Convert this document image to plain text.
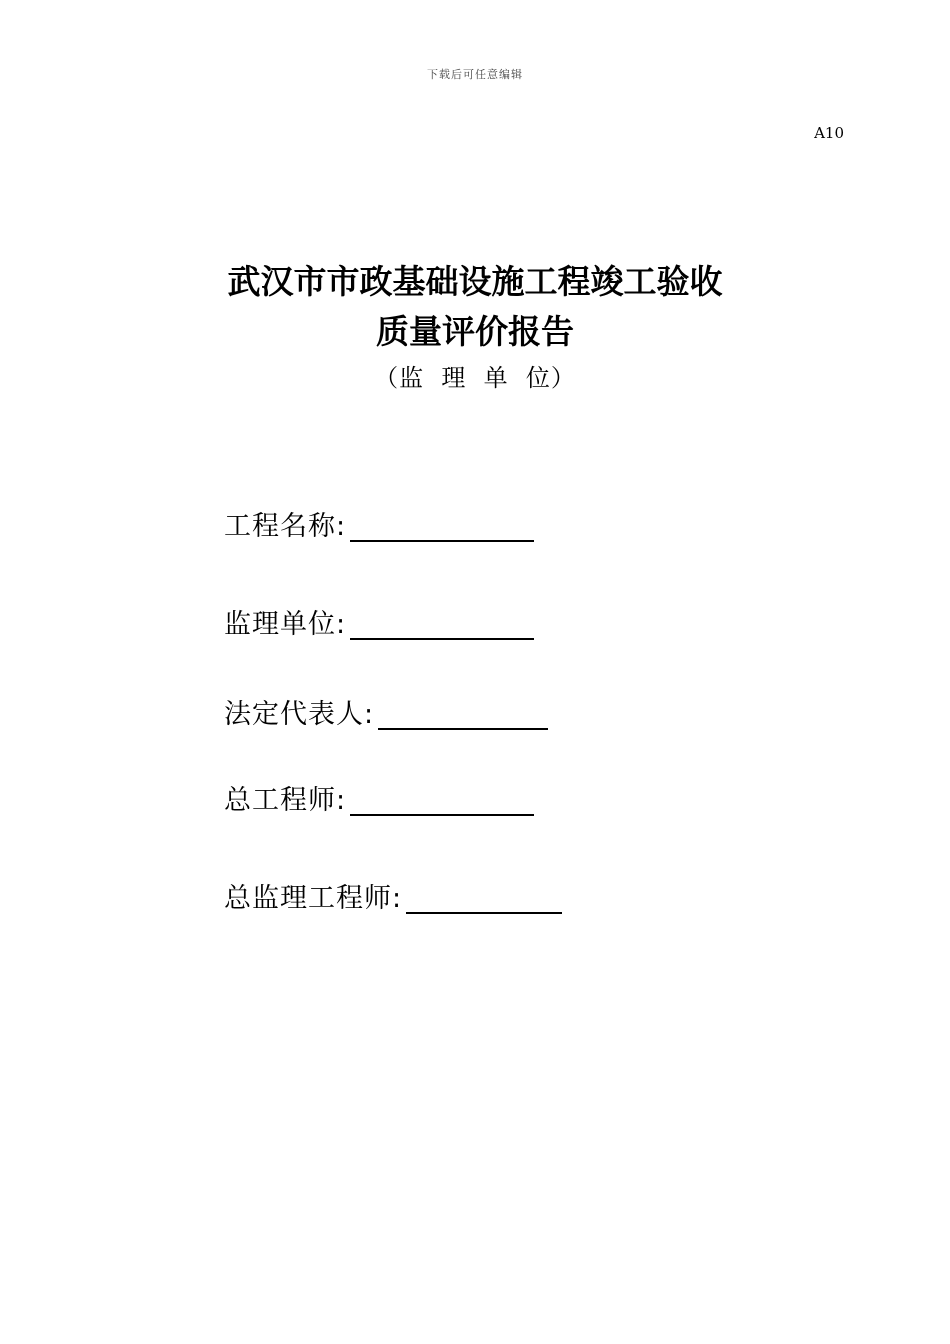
下载后可任意编辑
A10
武汉市市政基础设施工程竣工验收
质量评价报告
（监  理  单  位）
工程名称:
监理单位:
法定代表人:
总工程师:
总监理工程师:
